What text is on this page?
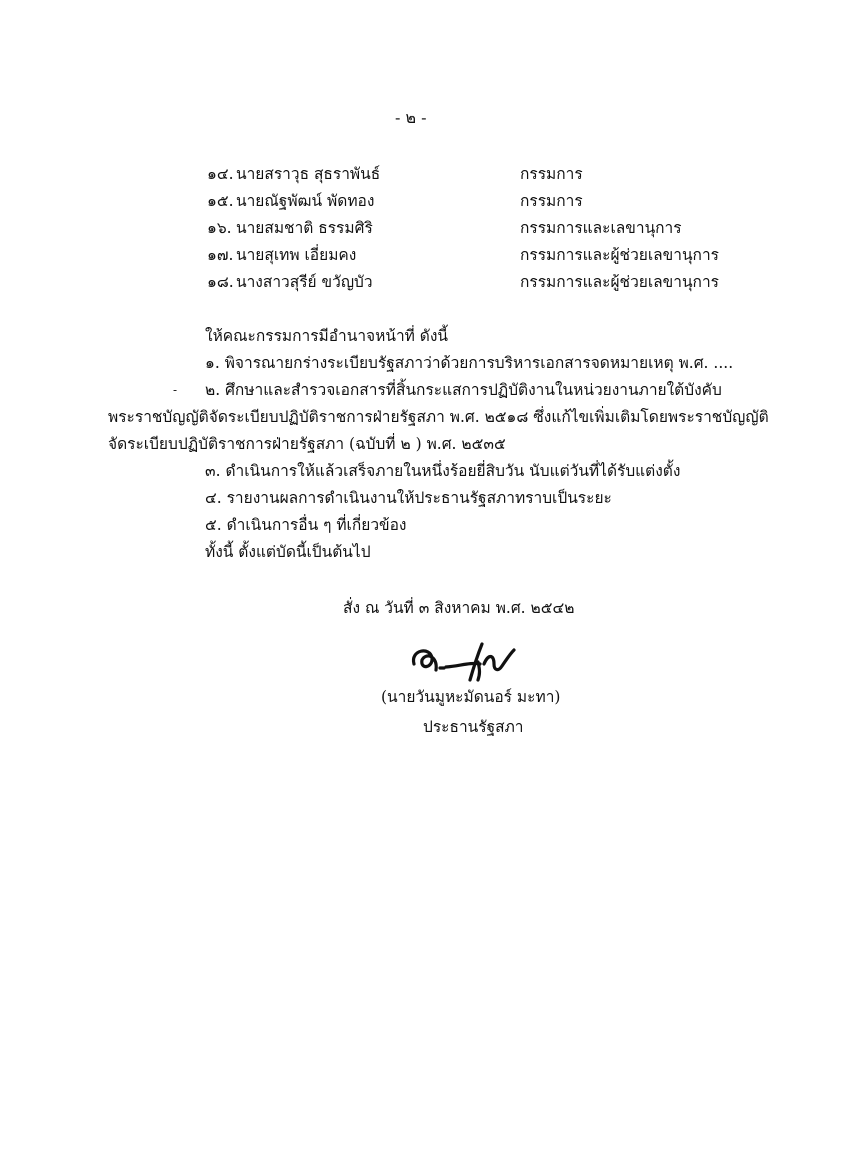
- ๒ -
๑๔. นายสราวุธ สุธราพันธ์	กรรมการ
๑๕. นายณัฐพัฒน์ พัดทอง	กรรมการ
๑๖. นายสมชาติ ธรรมศิริ	กรรมการและเลขานุการ
๑๗. นายสุเทพ เอี่ยมคง	กรรมการและผู้ช่วยเลขานุการ
๑๘. นางสาวสุรีย์ ขวัญบัว	กรรมการและผู้ช่วยเลขานุการ
ให้คณะกรรมการมีอำนาจหน้าที่ ดังนี้
๑. พิจารณายกร่างระเบียบรัฐสภาว่าด้วยการบริหารเอกสารจดหมายเหตุ พ.ศ. ....
- ๒. ศึกษาและสำรวจเอกสารที่สิ้นกระแสการปฏิบัติงานในหน่วยงานภายใต้บังคับ
พระราชบัญญัติจัดระเบียบปฏิบัติราชการฝ่ายรัฐสภา พ.ศ. ๒๕๑๘ ซึ่งแก้ไขเพิ่มเติมโดยพระราชบัญญัติ
จัดระเบียบปฏิบัติราชการฝ่ายรัฐสภา (ฉบับที่ ๒ ) พ.ศ. ๒๕๓๕
๓. ดำเนินการให้แล้วเสร็จภายในหนึ่งร้อยยี่สิบวัน นับแต่วันที่ได้รับแต่งตั้ง
๔. รายงานผลการดำเนินงานให้ประธานรัฐสภาทราบเป็นระยะ
๕. ดำเนินการอื่น ๆ ที่เกี่ยวข้อง
ทั้งนี้ ตั้งแต่บัดนี้เป็นต้นไป
สั่ง ณ วันที่ ๓ สิงหาคม พ.ศ. ๒๕๔๒
(นายวันมูหะมัดนอร์ มะทา)
ประธานรัฐสภา
